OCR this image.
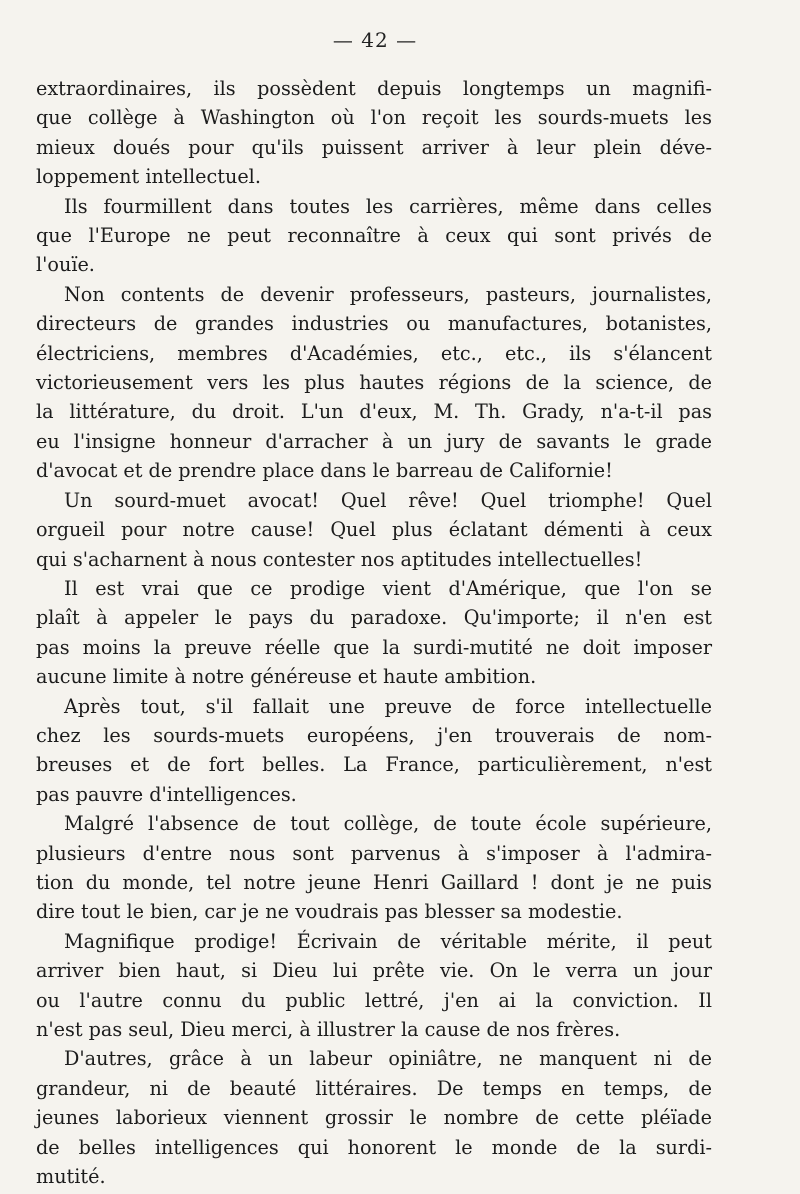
— 42 —
extraordinaires, ils possèdent depuis longtemps un magnifi-
que collège à Washington où l'on reçoit les sourds-muets les
mieux doués pour qu'ils puissent arriver à leur plein déve-
loppement intellectuel.
Ils fourmillent dans toutes les carrières, même dans celles
que l'Europe ne peut reconnaître à ceux qui sont privés de
l'ouïe.
Non contents de devenir professeurs, pasteurs, journalistes,
directeurs de grandes industries ou manufactures, botanistes,
électriciens, membres d'Académies, etc., etc., ils s'élancent
victorieusement vers les plus hautes régions de la science, de
la littérature, du droit. L'un d'eux, M. Th. Grady, n'a-t-il pas
eu l'insigne honneur d'arracher à un jury de savants le grade
d'avocat et de prendre place dans le barreau de Californie!
Un sourd-muet avocat! Quel rêve! Quel triomphe! Quel
orgueil pour notre cause! Quel plus éclatant démenti à ceux
qui s'acharnent à nous contester nos aptitudes intellectuelles!
Il est vrai que ce prodige vient d'Amérique, que l'on se
plaît à appeler le pays du paradoxe. Qu'importe; il n'en est
pas moins la preuve réelle que la surdi-mutité ne doit imposer
aucune limite à notre généreuse et haute ambition.
Après tout, s'il fallait une preuve de force intellectuelle
chez les sourds-muets européens, j'en trouverais de nom-
breuses et de fort belles. La France, particulièrement, n'est
pas pauvre d'intelligences.
Malgré l'absence de tout collège, de toute école supérieure,
plusieurs d'entre nous sont parvenus à s'imposer à l'admira-
tion du monde, tel notre jeune Henri Gaillard ! dont je ne puis
dire tout le bien, car je ne voudrais pas blesser sa modestie.
Magnifique prodige! Écrivain de véritable mérite, il peut
arriver bien haut, si Dieu lui prête vie. On le verra un jour
ou l'autre connu du public lettré, j'en ai la conviction. Il
n'est pas seul, Dieu merci, à illustrer la cause de nos frères.
D'autres, grâce à un labeur opiniâtre, ne manquent ni de
grandeur, ni de beauté littéraires. De temps en temps, de
jeunes laborieux viennent grossir le nombre de cette pléïade
de belles intelligences qui honorent le monde de la surdi-
mutité.
